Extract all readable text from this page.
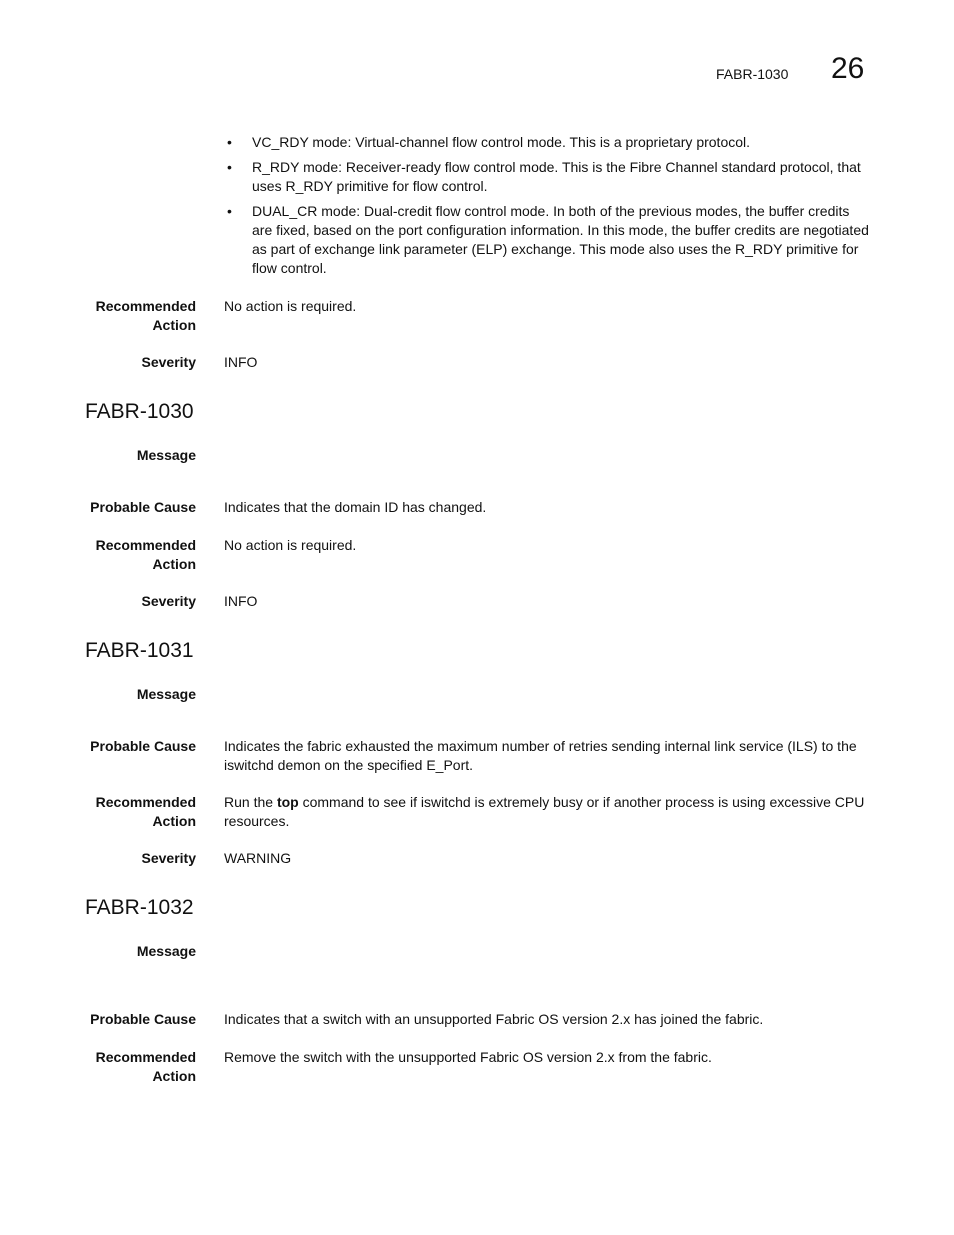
FABR-1030 26
• VC_RDY mode: Virtual-channel flow control mode. This is a proprietary protocol.
• R_RDY mode: Receiver-ready flow control mode. This is the Fibre Channel standard protocol, that uses R_RDY primitive for flow control.
• DUAL_CR mode: Dual-credit flow control mode. In both of the previous modes, the buffer credits are fixed, based on the port configuration information. In this mode, the buffer credits are negotiated as part of exchange link parameter (ELP) exchange. This mode also uses the R_RDY primitive for flow control.
Recommended
Action
No action is required.
Severity INFO
FABR-1030
Message
Probable Cause Indicates that the domain ID has changed.
Recommended
Action
No action is required.
Severity INFO
FABR-1031
Message
Probable Cause Indicates the fabric exhausted the maximum number of retries sending internal link service (ILS) to the iswitchd demon on the specified E_Port.
Recommended
Action
Run the top command to see if iswitchd is extremely busy or if another process is using excessive CPU resources.
Severity WARNING
FABR-1032
Message
Probable Cause Indicates that a switch with an unsupported Fabric OS version 2.x has joined the fabric.
Recommended
Action
Remove the switch with the unsupported Fabric OS version 2.x from the fabric.
